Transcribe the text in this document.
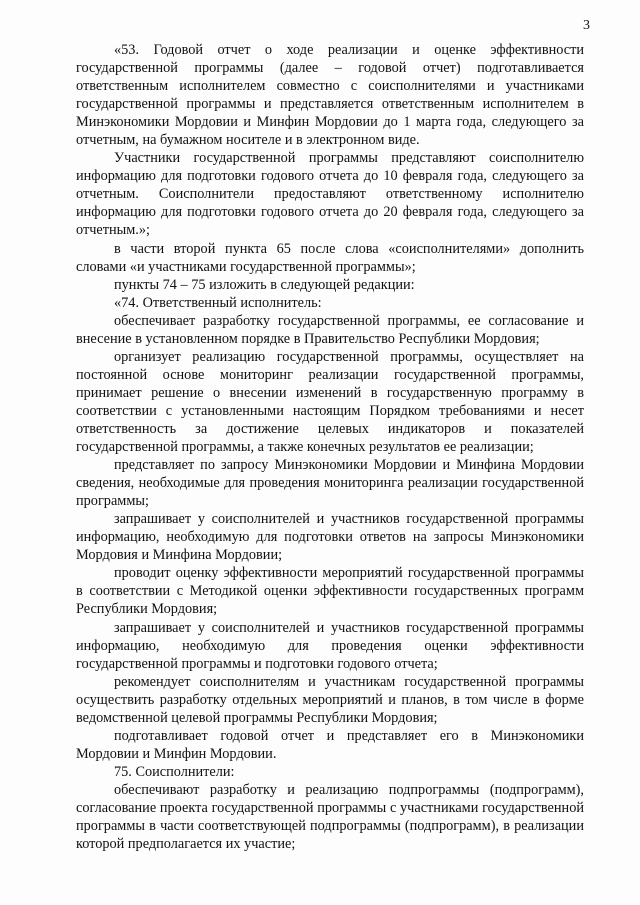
3

«53. Годовой отчет о ходе реализации и оценке эффективности государственной программы (далее – годовой отчет) подготавливается ответственным исполнителем совместно с соисполнителями и участниками государственной программы и представляется ответственным исполнителем в Минэкономики Мордовии и Минфин Мордовии до 1 марта года, следующего за отчетным, на бумажном носителе и в электронном виде.

Участники государственной программы представляют соисполнителю информацию для подготовки годового отчета до 10 февраля года, следующего за отчетным. Соисполнители предоставляют ответственному исполнителю информацию для подготовки годового отчета до 20 февраля года, следующего за отчетным.»;

в части второй пункта 65 после слова «соисполнителями» дополнить словами «и участниками государственной программы»;

пункты 74 – 75 изложить в следующей редакции:

«74. Ответственный исполнитель:

обеспечивает разработку государственной программы, ее согласование и внесение в установленном порядке в Правительство Республики Мордовия;

организует реализацию государственной программы, осуществляет на постоянной основе мониторинг реализации государственной программы, принимает решение о внесении изменений в государственную программу в соответствии с установленными настоящим Порядком требованиями и несет ответственность за достижение целевых индикаторов и показателей государственной программы, а также конечных результатов ее реализации;

представляет по запросу Минэкономики Мордовии и Минфина Мордовии сведения, необходимые для проведения мониторинга реализации государственной программы;

запрашивает у соисполнителей и участников государственной программы информацию, необходимую для подготовки ответов на запросы Минэкономики Мордовия и Минфина Мордовии;

проводит оценку эффективности мероприятий государственной программы в соответствии с Методикой оценки эффективности государственных программ Республики Мордовия;

запрашивает у соисполнителей и участников государственной программы информацию, необходимую для проведения оценки эффективности государственной программы и подготовки годового отчета;

рекомендует соисполнителям и участникам государственной программы осуществить разработку отдельных мероприятий и планов, в том числе в форме ведомственной целевой программы Республики Мордовия;

подготавливает годовой отчет и представляет его в Минэкономики Мордовии и Минфин Мордовии.

75. Соисполнители:

обеспечивают разработку и реализацию подпрограммы (подпрограмм), согласование проекта государственной программы с участниками государственной программы в части соответствующей подпрограммы (подпрограмм), в реализации которой предполагается их участие;
